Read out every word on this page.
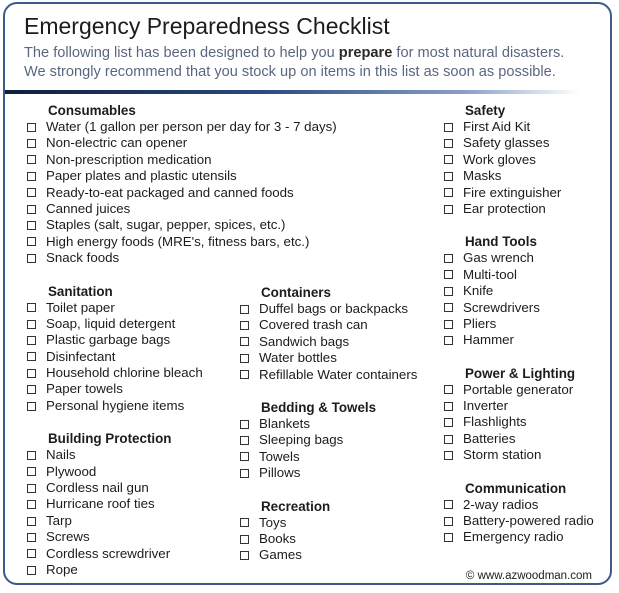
Emergency Preparedness Checklist
The following list has been designed to help you prepare for most natural disasters.
We strongly recommend that you stock up on items in this list as soon as possible.
Consumables
Water (1 gallon per person per day for 3 - 7 days)
Non-electric can opener
Non-prescription medication
Paper plates and plastic utensils
Ready-to-eat packaged and canned foods
Canned juices
Staples (salt, sugar, pepper, spices, etc.)
High energy foods (MRE's, fitness bars, etc.)
Snack foods
Sanitation
Toilet paper
Soap, liquid detergent
Plastic garbage bags
Disinfectant
Household chlorine bleach
Paper towels
Personal hygiene items
Building Protection
Nails
Plywood
Cordless nail gun
Hurricane roof ties
Tarp
Screws
Cordless screwdriver
Rope
Containers
Duffel bags or backpacks
Covered trash can
Sandwich bags
Water bottles
Refillable Water containers
Bedding & Towels
Blankets
Sleeping bags
Towels
Pillows
Recreation
Toys
Books
Games
Safety
First Aid Kit
Safety glasses
Work gloves
Masks
Fire extinguisher
Ear protection
Hand Tools
Gas wrench
Multi-tool
Knife
Screwdrivers
Pliers
Hammer
Power & Lighting
Portable generator
Inverter
Flashlights
Batteries
Storm station
Communication
2-way radios
Battery-powered radio
Emergency radio
© www.azwoodman.com
